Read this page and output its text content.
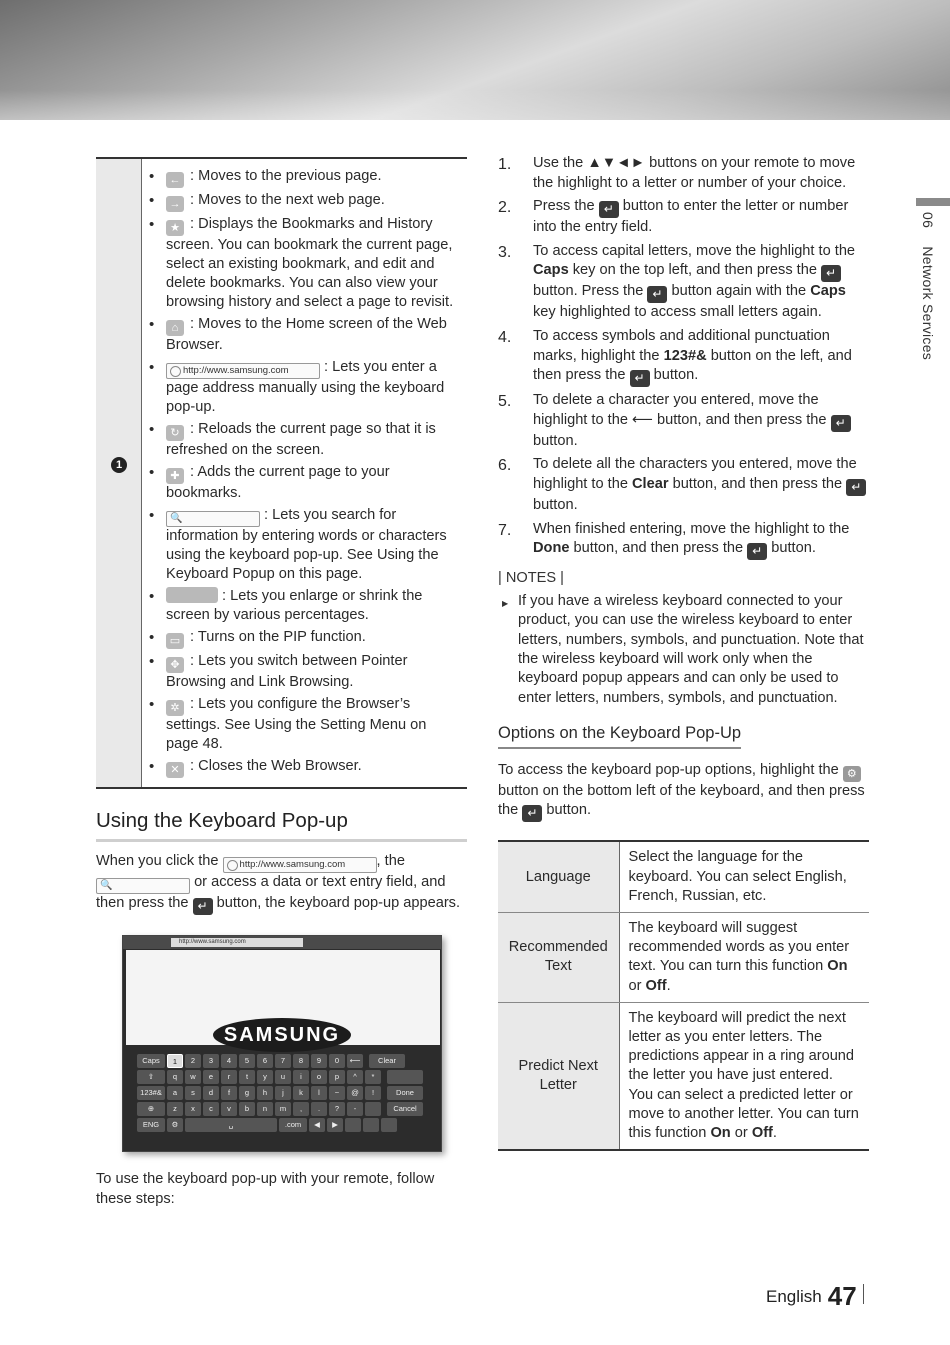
06 Network Services
1
• ← : Moves to the previous page.
• → : Moves to the next web page.
• ★ : Displays the Bookmarks and History screen. You can bookmark the current page, select an existing bookmark, and edit and delete bookmarks. You can also view your browsing history and select a page to revisit.
• ⌂ : Moves to the Home screen of the Web Browser.
• http://www.samsung.com : Lets you enter a page address manually using the keyboard pop-up.
• ↻ : Reloads the current page so that it is refreshed on the screen.
• ✚ : Adds the current page to your bookmarks.
• 🔍	: Lets you search for information by entering words or characters using the keyboard pop-up. See Using the Keyboard Popup on this page.
• : Lets you enlarge or shrink the screen by various percentages.
• ▭ : Turns on the PIP function.
• ✥ : Lets you switch between Pointer Browsing and Link Browsing.
• ✲ : Lets you configure the Browser’s settings. See Using the Setting Menu on page 48.
• ✕ : Closes the Web Browser.
Using the Keyboard Pop-up

When you click the http://www.samsung.com , the 🔍	or access a data or text entry field, and then press the ↵ button, the keyboard pop-up appears.

http://www.samsung.com
SAMSUNG
Caps	1	2	3	4	5	6	7	8	9	0	⟵	Clear
⇧	q	w	e	r	t	y	u	i	o	p	^	*
123#&	a	s	d	f	g	h	j	k	l	~	@	!	Done
⊕	z	x	c	v	b	n	m	,	.	?	-	Cancel
ENG	⚙	␣	.com	◀	▶

To use the keyboard pop-up with your remote, follow these steps:

1. Use the ▲▼◄► buttons on your remote to move the highlight to a letter or number of your choice.
2. Press the ↵ button to enter the letter or number into the entry field.
3. To access capital letters, move the highlight to the Caps key on the top left, and then press the ↵ button. Press the ↵ button again with the Caps key highlighted to access small letters again.
4. To access symbols and additional punctuation marks, highlight the 123#& button on the left, and then press the ↵ button.
5. To delete a character you entered, move the highlight to the ⟵ button, and then press the ↵ button.
6. To delete all the characters you entered, move the highlight to the Clear button, and then press the ↵ button.
7. When finished entering, move the highlight to the Done button, and then press the ↵ button.
| NOTES |
▶ If you have a wireless keyboard connected to your product, you can use the wireless keyboard to enter letters, numbers, symbols, and punctuation. Note that the wireless keyboard will work only when the keyboard popup appears and can only be used to enter letters, numbers, symbols, and punctuation.
Options on the Keyboard Pop-Up

To access the keyboard pop-up options, highlight the ⚙ button on the bottom left of the keyboard, and then press the ↵ button.

Language	Select the language for the keyboard. You can select English, French, Russian, etc.
Recommended Text	The keyboard will suggest recommended words as you enter text. You can turn this function On or Off.
Predict Next Letter	The keyboard will predict the next letter as you enter letters. The predictions appear in a ring around the letter you have just entered. You can select a predicted letter or move to another letter. You can turn this function On or Off.
English 47
